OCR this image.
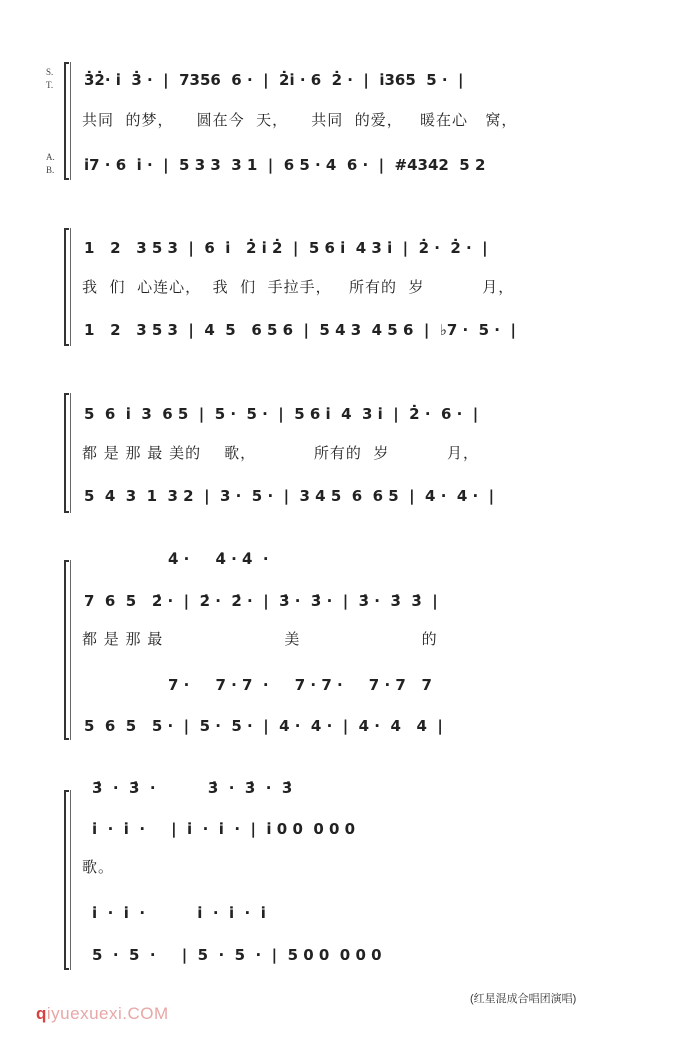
S.
T.
A.
B.
3̇2̇· i̇  3̇ ·  |  7356  6 ·  |  2̇i̇ · 6  2̇ ·  |  i̇365  5 ·  |
共同  的梦，    圆在今  天，    共同  的爱，   暖在心   窝，
i̇7 · 6  i̇ ·  |  5 3 3  3 1  |  6 5 · 4  6 ·  |  #4342  5 2
1   2   3 5 3  |  6  i̇   2̇ i̇ 2̇  |  5 6 i̇  4 3 i̇  |  2̇ ·  2̇ ·  |
我  们  心连心，  我  们  手拉手，   所有的  岁          月，
1   2   3 5 3  |  4  5   6 5 6  |  5 4 3  4 5 6  |  ♭7 ·  5 ·  |
5  6  i̇  3  6 5  |  5 ·  5 ·  |  5 6 i̇  4  3 i̇  |  2̇ ·  6 ·  |
都 是 那 最 美的    歌，          所有的  岁          月，
5  4  3  1  3 2  |  3 ·  5 ·  |  3 4 5  6  6 5  |  4 ·  4 ·  |
4̇ ·     4̇ · 4̇  ·
7  6  5   2̇ ·  |  2̇ ·  2̇ ·  |  3̇ ·  3̇ ·  |  3̇ ·  3̇  3̇  |
都 是 那 最                     美                     的
7 ·     7 · 7  ·     7 · 7 ·     7 · 7   7
5  6  5   5 ·  |  5 ·  5 ·  |  4 ·  4 ·  |  4 ·  4   4  |
3̇  ·  3̇  ·          3̇  ·  3̇  ·  3̇
i̇  ·  i̇  ·     |  i̇  ·  i̇  ·  |  i̇ 0 0  0 0 0
歌。
i̇  ·  i̇  ·          i̇  ·  i̇  ·  i̇
5  ·  5  ·     |  5  ·  5  ·  |  5 0 0  0 0 0
(红星混成合唱团演唱)
qiyuexuexi.COM
